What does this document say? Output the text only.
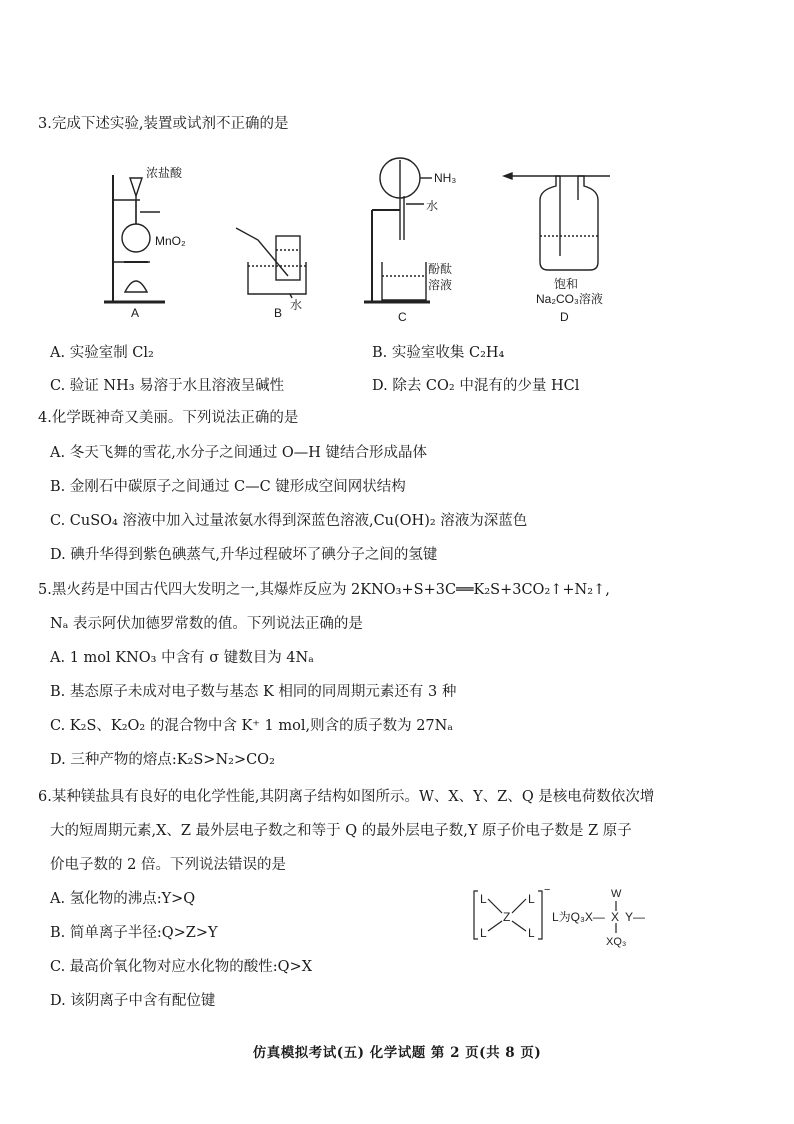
3.完成下述实验,装置或试剂不正确的是
浓盐酸
MnO₂
A
水
B
NH₃
水
酚酞
溶液
C
饱和
Na₂CO₃溶液
D
A. 实验室制 Cl₂	B. 实验室收集 C₂H₄
C. 验证 NH₃ 易溶于水且溶液呈碱性	D. 除去 CO₂ 中混有的少量 HCl
4.化学既神奇又美丽。下列说法正确的是
A. 冬天飞舞的雪花,水分子之间通过 O—H 键结合形成晶体
B. 金刚石中碳原子之间通过 C—C 键形成空间网状结构
C. CuSO₄ 溶液中加入过量浓氨水得到深蓝色溶液,Cu(OH)₂ 溶液为深蓝色
D. 碘升华得到紫色碘蒸气,升华过程破坏了碘分子之间的氢键
5.黑火药是中国古代四大发明之一,其爆炸反应为 2KNO₃+S+3C══K₂S+3CO₂↑+N₂↑,
Nₐ 表示阿伏加德罗常数的值。下列说法正确的是
A. 1 mol KNO₃ 中含有 σ 键数目为 4Nₐ
B. 基态原子未成对电子数与基态 K 相同的同周期元素还有 3 种
C. K₂S、K₂O₂ 的混合物中含 K⁺ 1 mol,则含的质子数为 27Nₐ
D. 三种产物的熔点:K₂S>N₂>CO₂
6.某种镁盐具有良好的电化学性能,其阴离子结构如图所示。W、X、Y、Z、Q 是核电荷数依次增
大的短周期元素,X、Z 最外层电子数之和等于 Q 的最外层电子数,Y 原子价电子数是 Z 原子
价电子数的 2 倍。下列说法错误的是
A. 氢化物的沸点:Y>Q
B. 简单离子半径:Q>Z>Y
C. 最高价氧化物对应水化物的酸性:Q>X
D. 该阴离子中含有配位键
L	L
L	L
Z
−
L为Q₃X— X Y—
W
XQ₃
仿真模拟考试(五) 化学试题 第 2 页(共 8 页)
